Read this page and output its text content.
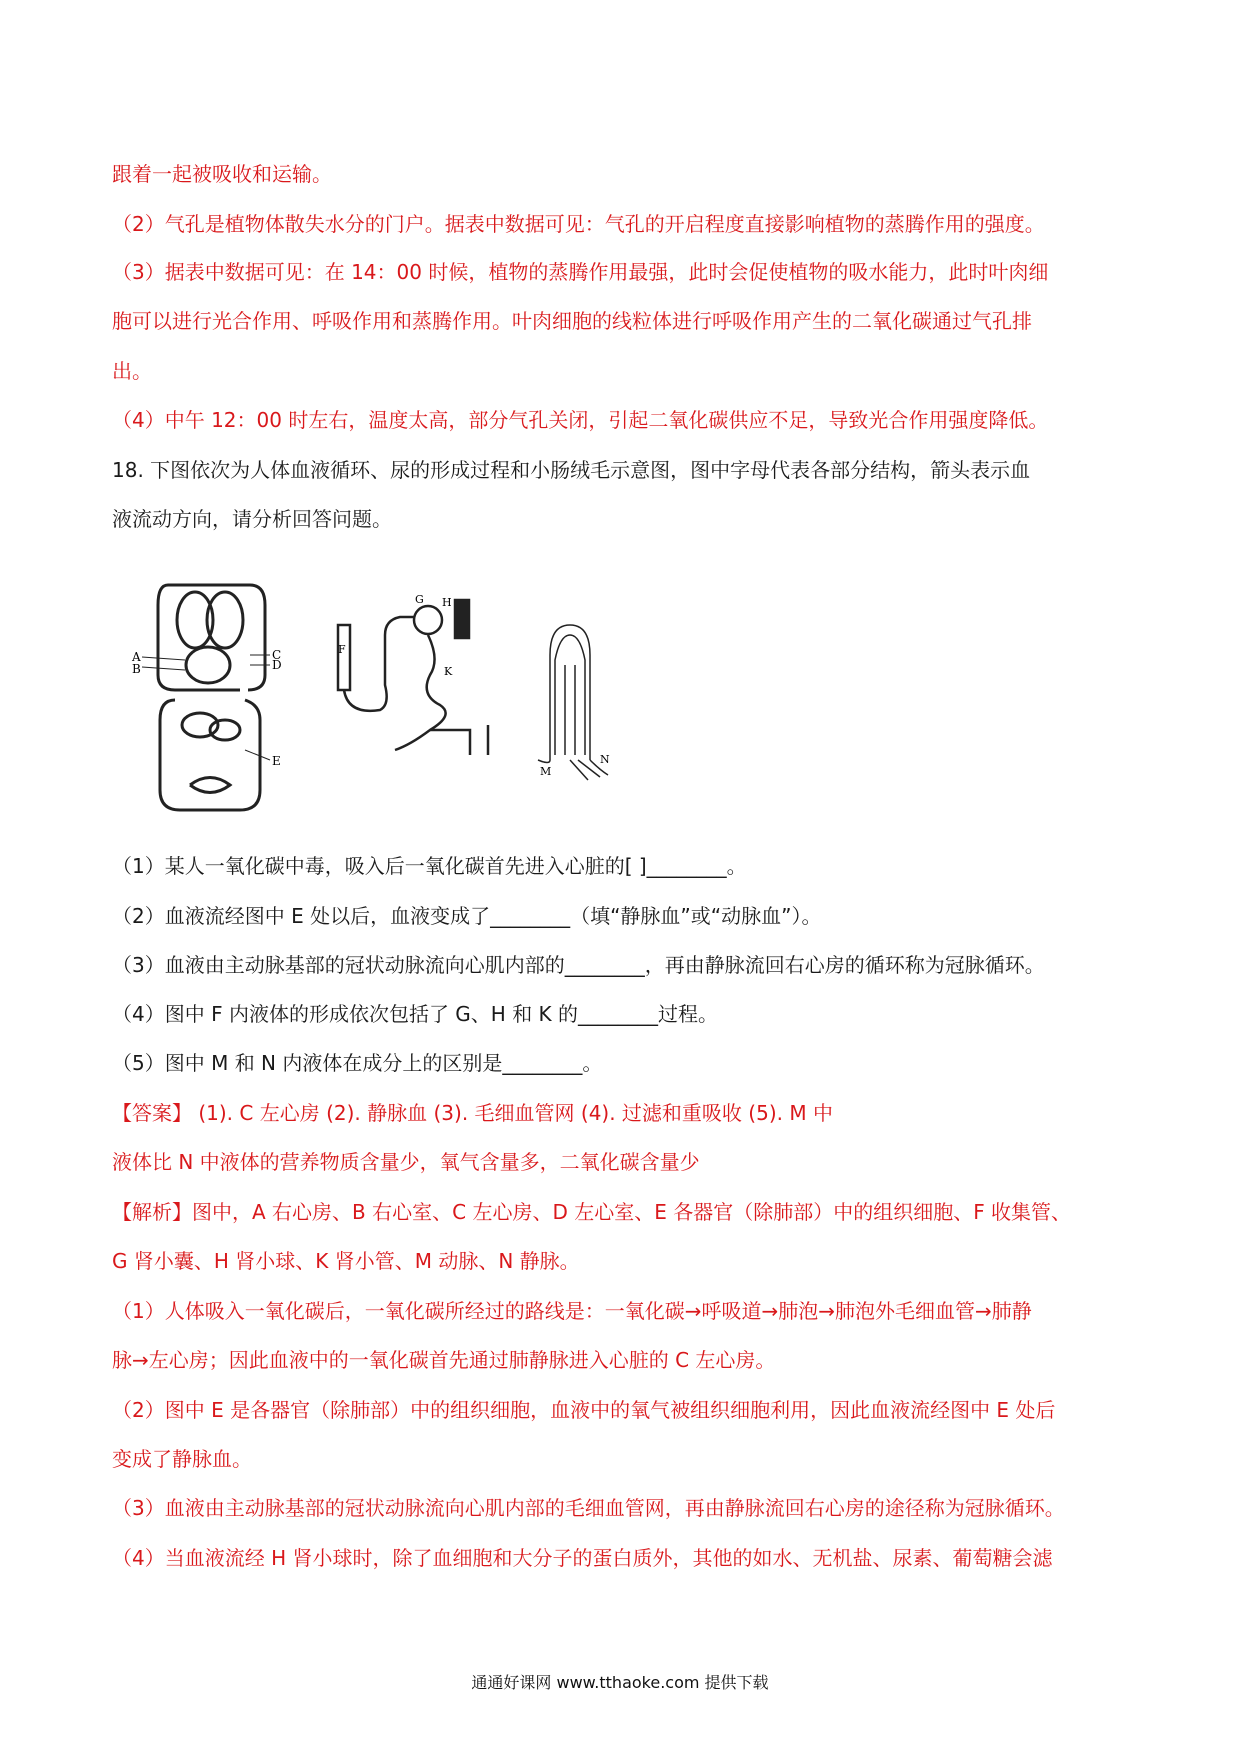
跟着一起被吸收和运输。
（2）气孔是植物体散失水分的门户。据表中数据可见：气孔的开启程度直接影响植物的蒸腾作用的强度。
（3）据表中数据可见：在 14：00 时候，植物的蒸腾作用最强，此时会促使植物的吸水能力，此时叶肉细
胞可以进行光合作用、呼吸作用和蒸腾作用。叶肉细胞的线粒体进行呼吸作用产生的二氧化碳通过气孔排
出。
（4）中午 12：00 时左右，温度太高，部分气孔关闭，引起二氧化碳供应不足，导致光合作用强度降低。
18. 下图依次为人体血液循环、尿的形成过程和小肠绒毛示意图，图中字母代表各部分结构，箭头表示血
液流动方向，请分析回答问题。
A
B
C
D
E
F
G H
K
M
N
（1）某人一氧化碳中毒，吸入后一氧化碳首先进入心脏的[ ]________。
（2）血液流经图中 E 处以后，血液变成了________（填“静脉血”或“动脉血”）。
（3）血液由主动脉基部的冠状动脉流向心肌内部的________，再由静脉流回右心房的循环称为冠脉循环。
（4）图中 F 内液体的形成依次包括了 G、H 和 K 的________过程。
（5）图中 M 和 N 内液体在成分上的区别是________。
【答案】 (1). C 左心房 (2). 静脉血 (3). 毛细血管网 (4). 过滤和重吸收 (5). M 中
液体比 N 中液体的营养物质含量少，氧气含量多，二氧化碳含量少
【解析】图中，A 右心房、B 右心室、C 左心房、D 左心室、E 各器官（除肺部）中的组织细胞、F 收集管、
G 肾小囊、H 肾小球、K 肾小管、M 动脉、N 静脉。
（1）人体吸入一氧化碳后，一氧化碳所经过的路线是：一氧化碳→呼吸道→肺泡→肺泡外毛细血管→肺静
脉→左心房；因此血液中的一氧化碳首先通过肺静脉进入心脏的 C 左心房。
（2）图中 E 是各器官（除肺部）中的组织细胞，血液中的氧气被组织细胞利用，因此血液流经图中 E 处后
变成了静脉血。
（3）血液由主动脉基部的冠状动脉流向心肌内部的毛细血管网，再由静脉流回右心房的途径称为冠脉循环。
（4）当血液流经 H 肾小球时，除了血细胞和大分子的蛋白质外，其他的如水、无机盐、尿素、葡萄糖会滤
通通好课网 www.tthaoke.com 提供下载
